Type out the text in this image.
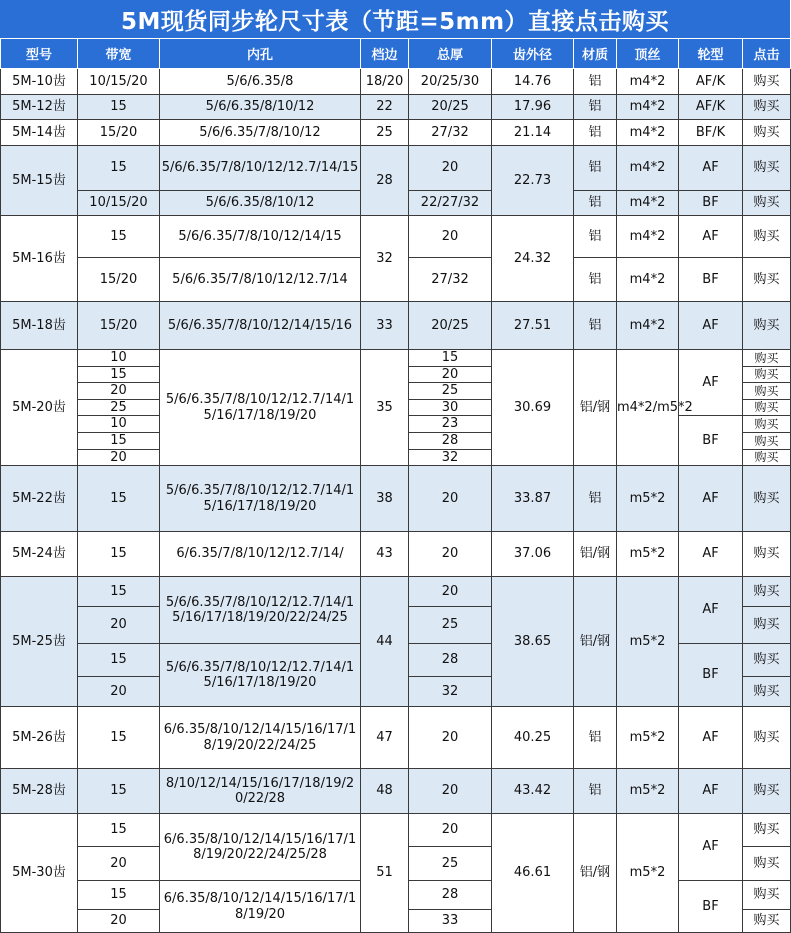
5M现货同步轮尺寸表（节距=5mm）直接点击购买
型号	带宽	内孔	档边	总厚	齿外径	材质	顶丝	轮型	点击
5M-10齿	10/15/20	5/6/6.35/8	18/20	20/25/30	14.76	铝	m4*2	AF/K	购买
5M-12齿	15	5/6/6.35/8/10/12	22	20/25	17.96	铝	m4*2	AF/K	购买
5M-14齿	15/20	5/6/6.35/7/8/10/12	25	27/32	21.14	铝	m4*2	BF/K	购买
5M-15齿	15	5/6/6.35/7/8/10/12/12.7/14/15	28	20	22.73	铝	m4*2	AF	购买
	10/15/20	5/6/6.35/8/10/12		22/27/32		铝	m4*2	BF	购买
5M-16齿	15	5/6/6.35/7/8/10/12/14/15	32	20	24.32	铝	m4*2	AF	购买
	15/20	5/6/6.35/7/8/10/12/12.7/14		27/32		铝	m4*2	BF	购买
5M-18齿	15/20	5/6/6.35/7/8/10/12/14/15/16	33	20/25	27.51	铝	m4*2	AF	购买
5M-20齿	10	5/6/6.35/7/8/10/12/12.7/14/15/16/17/18/19/20	35	15	30.69	铝/钢	m4*2/m5*2	AF	购买
	15			20					购买
	20			25					购买
	25			30					购买
	10			23				BF	购买
	15			28					购买
	20			32					购买

5M-22齿	15	5/6/6.35/7/8/10/12/12.7/14/15/16/17/18/19/20	38	20	33.87	铝	m5*2	AF	购买
5M-24齿	15	6/6.35/7/8/10/12/12.7/14/	43	20	37.06	铝/钢	m5*2	AF	购买
5M-25齿	15	5/6/6.35/7/8/10/12/12.7/14/15/16/17/18/19/20/22/24/25	44	20	38.65	铝/钢	m5*2	AF	购买
	20			25					购买
	15	5/6/6.35/7/8/10/12/12.7/14/15/16/17/18/19/20		28				BF	购买
	20			32					购买
5M-26齿	15	6/6.35/8/10/12/14/15/16/17/18/19/20/22/24/25	47	20	40.25	铝	m5*2	AF	购买
5M-28齿	15	8/10/12/14/15/16/17/18/19/20/22/28	48	20	43.42	铝	m5*2	AF	购买
5M-30齿	15	6/6.35/8/10/12/14/15/16/17/18/19/20/22/24/25/28	51	20	46.61	铝/钢	m5*2	AF	购买
	20			25					购买
	15	6/6.35/8/10/12/14/15/16/17/18/19/20		28				BF	购买
	20			33					购买
